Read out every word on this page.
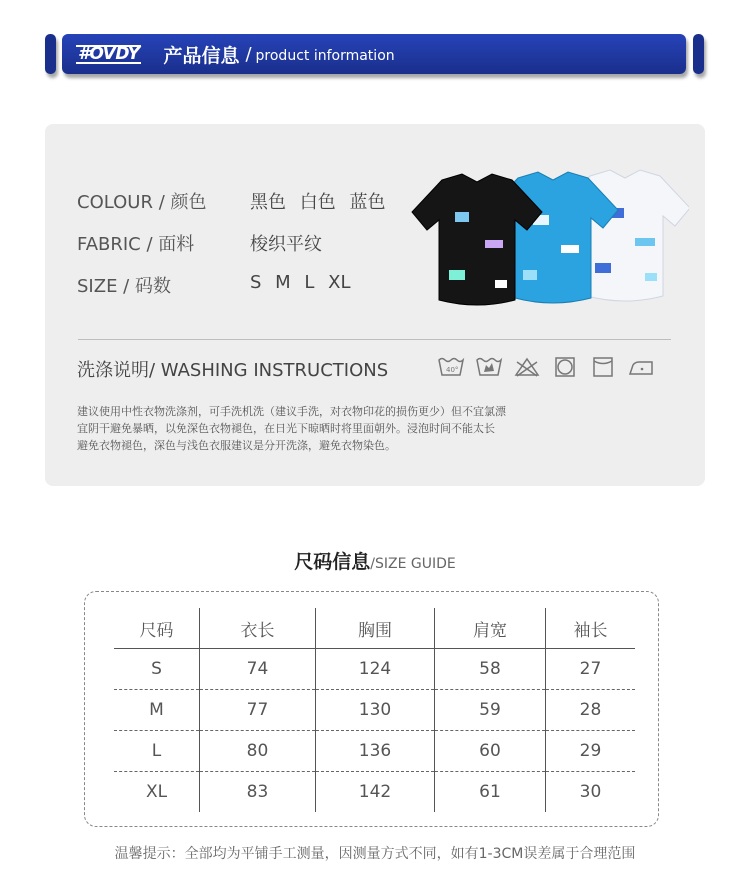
#OVDY 产品信息 / product information
COLOUR / 颜色 黑色 白色 蓝色
FABRIC / 面料	梭织平纹
SIZE / 码数	S M L XL
洗涤说明/ WASHING INSTRUCTIONS	40°
建议使用中性衣物洗涤剂，可手洗机洗（建议手洗，对衣物印花的损伤更少）但不宜氯漂
宜阴干避免暴晒，以免深色衣物褪色，在日光下晾晒时将里面朝外。浸泡时间不能太长
避免衣物褪色，深色与浅色衣服建议是分开洗涤，避免衣物染色。
尺码信息/SIZE GUIDE
尺码	衣长	胸围	肩宽	袖长
S	74	124	58	27
M	77	130	59	28
L	80	136	60	29
XL	83	142	61	30
温馨提示：全部均为平铺手工测量，因测量方式不同，如有1-3CM误差属于合理范围
